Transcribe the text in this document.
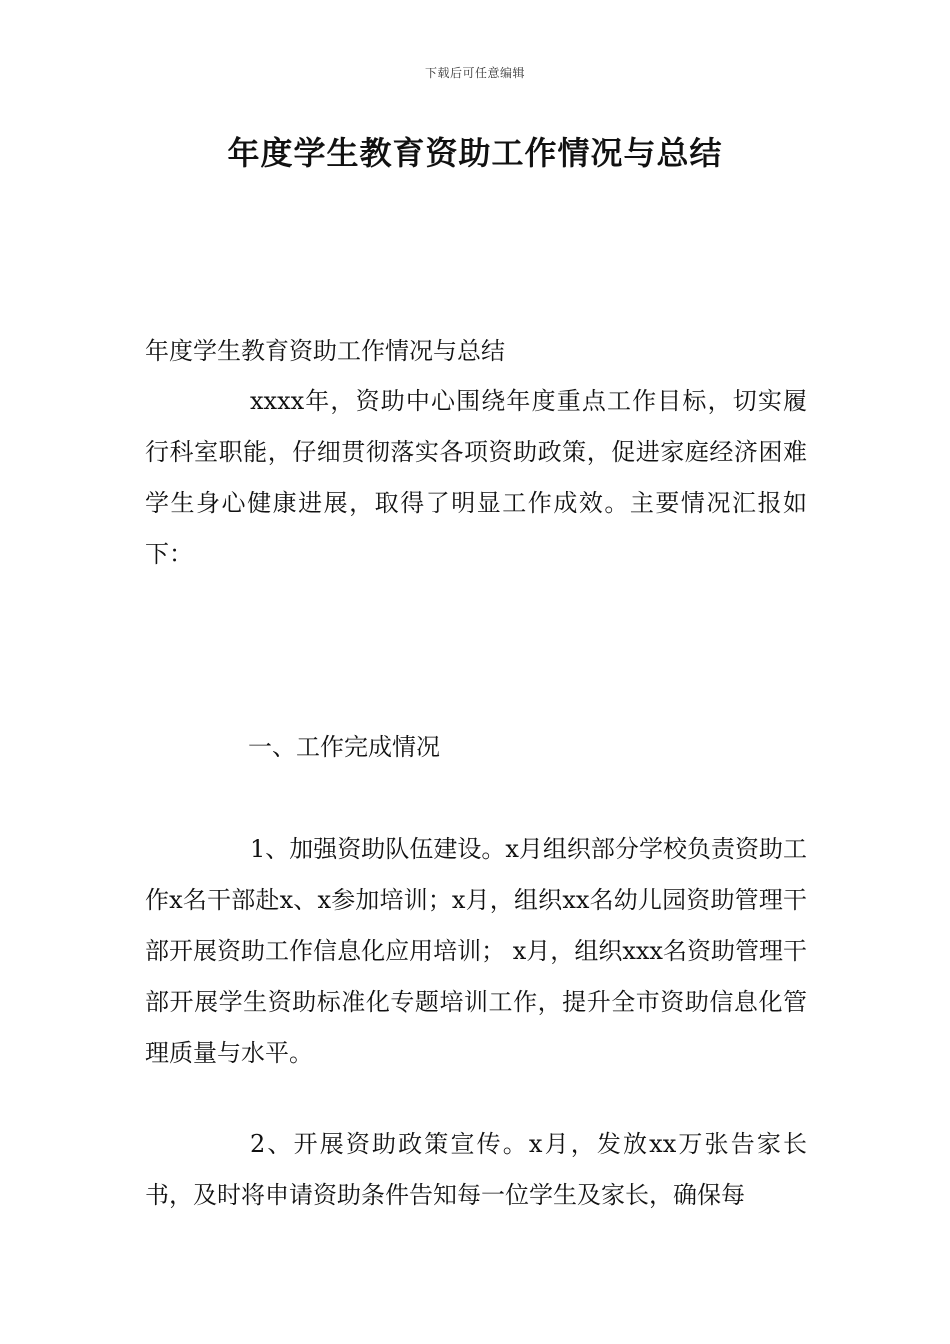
下载后可任意编辑
年度学生教育资助工作情况与总结

年度学生教育资助工作情况与总结

xxxx年，资助中心围绕年度重点工作目标，切实履行科室职能，仔细贯彻落实各项资助政策，促进家庭经济困难学生身心健康进展，取得了明显工作成效。主要情况汇报如下：

一、工作完成情况

1、加强资助队伍建设。x月组织部分学校负责资助工作x名干部赴x、x参加培训；x月，组织xx名幼儿园资助管理干部开展资助工作信息化应用培训； x月，组织xxx名资助管理干部开展学生资助标准化专题培训工作，提升全市资助信息化管理质量与水平。

2、开展资助政策宣传。x月，发放xx万张告家长书，及时将申请资助条件告知每一位学生及家长，确保每
